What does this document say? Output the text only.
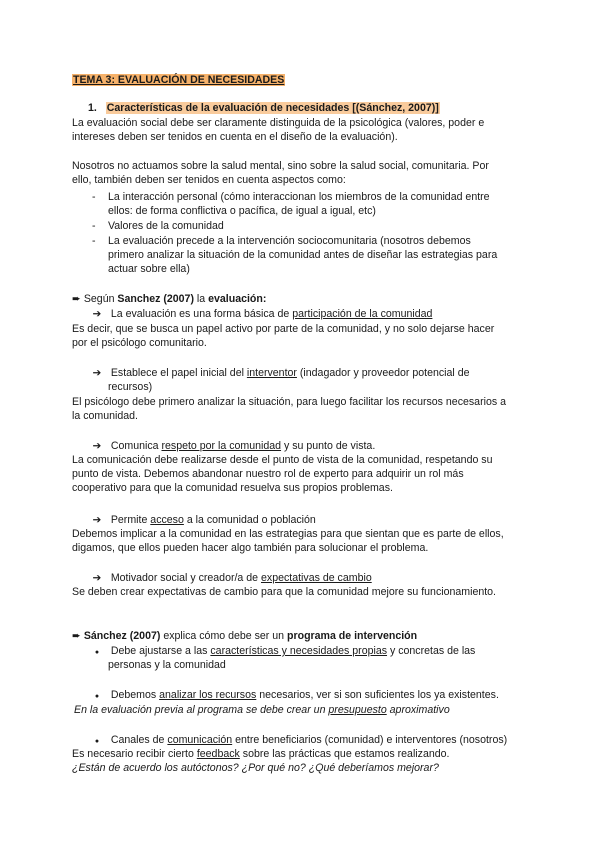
TEMA 3: EVALUACIÓN DE NECESIDADES
1. Características de la evaluación de necesidades [(Sánchez, 2007)]
La evaluación social debe ser claramente distinguida de la psicológica (valores, poder e
intereses deben ser tenidos en cuenta en el diseño de la evaluación).
Nosotros no actuamos sobre la salud mental, sino sobre la salud social, comunitaria. Por
ello, también deben ser tenidos en cuenta aspectos como:
- La interacción personal (cómo interaccionan los miembros de la comunidad entre
ellos: de forma conflictiva o pacífica, de igual a igual, etc)
- Valores de la comunidad
- La evaluación precede a la intervención sociocomunitaria (nosotros debemos
primero analizar la situación de la comunidad antes de diseñar las estrategias para
actuar sobre ella)
➨ Según Sanchez (2007) la evaluación:
➔ La evaluación es una forma básica de participación de la comunidad
Es decir, que se busca un papel activo por parte de la comunidad, y no solo dejarse hacer
por el psicólogo comunitario.
➔ Establece el papel inicial del interventor (indagador y proveedor potencial de
recursos)
El psicólogo debe primero analizar la situación, para luego facilitar los recursos necesarios a
la comunidad.
➔ Comunica respeto por la comunidad y su punto de vista.
La comunicación debe realizarse desde el punto de vista de la comunidad, respetando su
punto de vista. Debemos abandonar nuestro rol de experto para adquirir un rol más
cooperativo para que la comunidad resuelva sus propios problemas.
➔ Permite acceso a la comunidad o población
Debemos implicar a la comunidad en las estrategias para que sientan que es parte de ellos,
digamos, que ellos pueden hacer algo también para solucionar el problema.
➔ Motivador social y creador/a de expectativas de cambio
Se deben crear expectativas de cambio para que la comunidad mejore su funcionamiento.
➨ Sánchez (2007) explica cómo debe ser un programa de intervención
● Debe ajustarse a las características y necesidades propias y concretas de las
personas y la comunidad
● Debemos analizar los recursos necesarios, ver si son suficientes los ya existentes.
En la evaluación previa al programa se debe crear un presupuesto aproximativo
● Canales de comunicación entre beneficiarios (comunidad) e interventores (nosotros)
Es necesario recibir cierto feedback sobre las prácticas que estamos realizando.
¿Están de acuerdo los autóctonos? ¿Por qué no? ¿Qué deberíamos mejorar?
